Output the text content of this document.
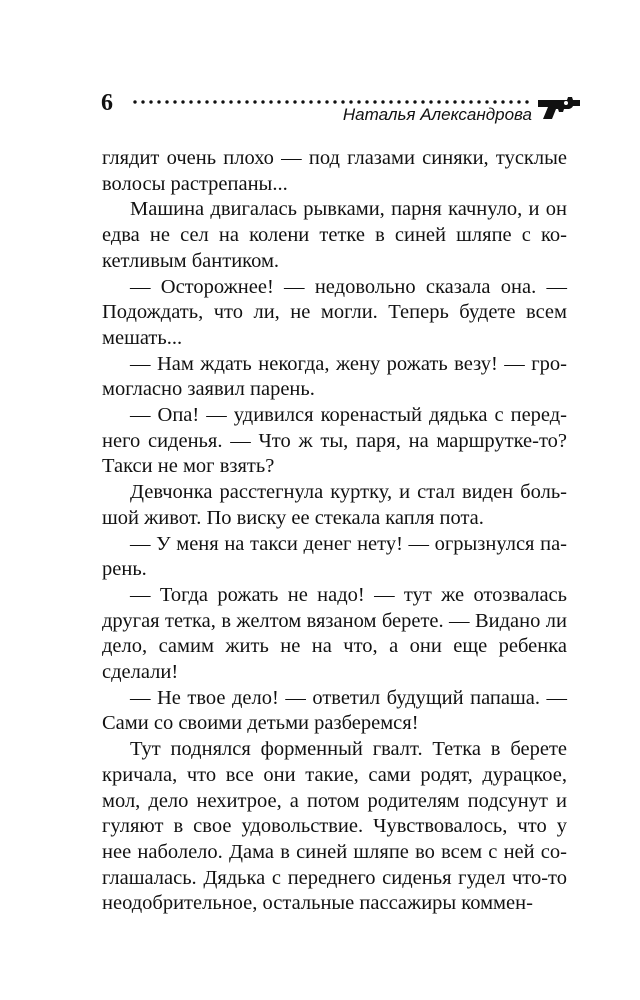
6	Наталья Александрова

глядит очень плохо — под глазами синяки, тусклые волосы растрепаны...

Машина двигалась рывками, парня качнуло, и он едва не сел на колени тетке в синей шляпе с кокетливым бантиком.

— Осторожнее! — недовольно сказала она. — Подождать, что ли, не могли. Теперь будете всем мешать...

— Нам ждать некогда, жену рожать везу! — громогласно заявил парень.

— Опа! — удивился коренастый дядька с переднего сиденья. — Что ж ты, паря, на маршрутке-то? Такси не мог взять?

Девчонка расстегнула куртку, и стал виден большой живот. По виску ее стекала капля пота.

— У меня на такси денег нету! — огрызнулся парень.

— Тогда рожать не надо! — тут же отозвалась другая тетка, в желтом вязаном берете. — Видано ли дело, самим жить не на что, а они еще ребенка сделали!

— Не твое дело! — ответил будущий папаша. — Сами со своими детьми разберемся!

Тут поднялся форменный гвалт. Тетка в берете кричала, что все они такие, сами родят, дурацкое, мол, дело нехитрое, а потом родителям подсунут и гуляют в свое удовольствие. Чувствовалось, что у нее наболело. Дама в синей шляпе во всем с ней соглашалась. Дядька с переднего сиденья гудел что-то неодобрительное, остальные пассажиры коммен-
